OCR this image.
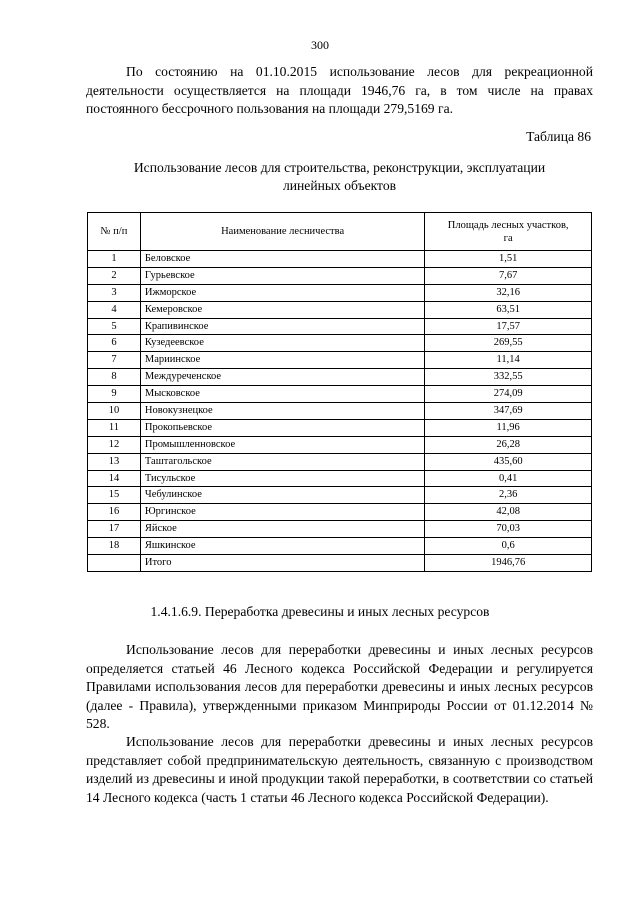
300

По состоянию на 01.10.2015 использование лесов для рекреационной деятельности осуществляется на площади 1946,76 га, в том числе на правах постоянного бессрочного пользования на площади 279,5169 га.

Таблица 86
Использование лесов для строительства, реконструкции, эксплуатации
линейных объектов
№ п/п	Наименование лесничества	Площадь лесных участков,
га
1	Беловское	1,51
2	Гурьевское	7,67
3	Ижморское	32,16
4	Кемеровское	63,51
5	Крапивинское	17,57
6	Кузедеевское	269,55
7	Мариинское	11,14
8	Междуреченское	332,55
9	Мысковское	274,09
10	Новокузнецкое	347,69
11	Прокопьевское	11,96
12	Промышленновское	26,28
13	Таштагольское	435,60
14	Тисульское	0,41
15	Чебулинское	2,36
16	Юргинское	42,08
17	Яйское	70,03
18	Яшкинское	0,6
	Итого	1946,76
1.4.1.6.9. Переработка древесины и иных лесных ресурсов

Использование лесов для переработки древесины и иных лесных ресурсов определяется статьей 46 Лесного кодекса Российской Федерации и регулируется Правилами использования лесов для переработки древесины и иных лесных ресурсов (далее - Правила), утвержденными приказом Минприроды России от 01.12.2014 № 528.

Использование лесов для переработки древесины и иных лесных ресурсов представляет собой предпринимательскую деятельность, связанную с производством изделий из древесины и иной продукции такой переработки, в соответствии со статьей 14 Лесного кодекса (часть 1 статьи 46 Лесного кодекса Российской Федерации).
